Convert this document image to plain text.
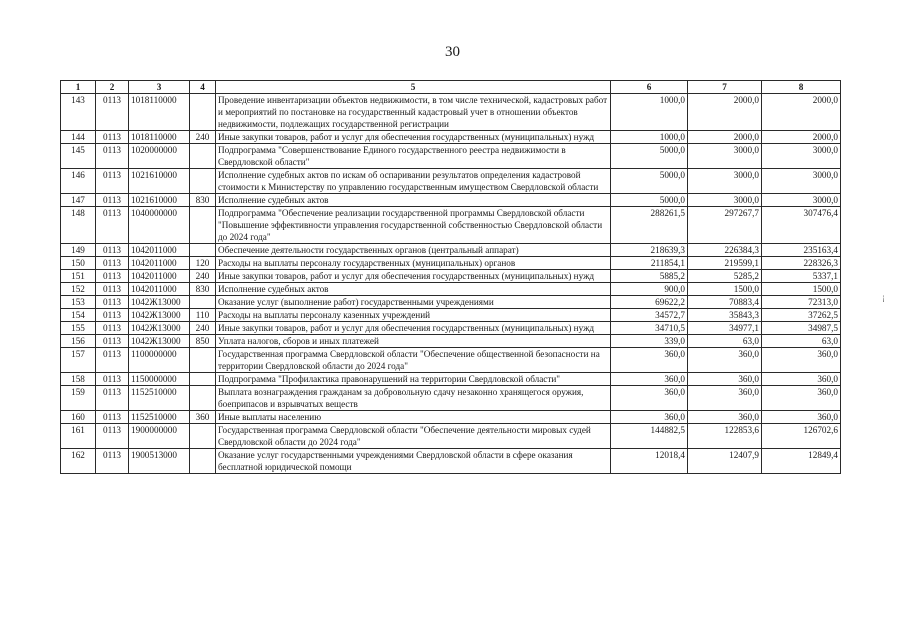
30
1	2	3	4	5	6	7	8
143	0113	1018110000		Проведение инвентаризации объектов недвижимости, в том числе технической, кадастровых работ и мероприятий по постановке на государственный кадастровый учет в отношении объектов недвижимости, подлежащих государственной регистрации	1000,0	2000,0	2000,0
144	0113	1018110000	240	Иные закупки товаров, работ и услуг для обеспечения государственных (муниципальных) нужд	1000,0	2000,0	2000,0
145	0113	1020000000		Подпрограмма "Совершенствование Единого государственного реестра недвижимости в Свердловской области"	5000,0	3000,0	3000,0
146	0113	1021610000		Исполнение судебных актов по искам об оспаривании результатов определения кадастровой стоимости к Министерству по управлению государственным имуществом Свердловской области	5000,0	3000,0	3000,0
147	0113	1021610000	830	Исполнение судебных актов	5000,0	3000,0	3000,0
148	0113	1040000000		Подпрограмма "Обеспечение реализации государственной программы Свердловской области "Повышение эффективности управления государственной собственностью Свердловской области до 2024 года"	288261,5	297267,7	307476,4
149	0113	1042011000		Обеспечение деятельности государственных органов (центральный аппарат)	218639,3	226384,3	235163,4
150	0113	1042011000	120	Расходы на выплаты персоналу государственных (муниципальных) органов	211854,1	219599,1	228326,3
151	0113	1042011000	240	Иные закупки товаров, работ и услуг для обеспечения государственных (муниципальных) нужд	5885,2	5285,2	5337,1
152	0113	1042011000	830	Исполнение судебных актов	900,0	1500,0	1500,0
153	0113	1042Ж13000		Оказание услуг (выполнение работ) государственными учреждениями	69622,2	70883,4	72313,0
154	0113	1042Ж13000	110	Расходы на выплаты персоналу казенных учреждений	34572,7	35843,3	37262,5
155	0113	1042Ж13000	240	Иные закупки товаров, работ и услуг для обеспечения государственных (муниципальных) нужд	34710,5	34977,1	34987,5
156	0113	1042Ж13000	850	Уплата налогов, сборов и иных платежей	339,0	63,0	63,0
157	0113	1100000000		Государственная программа Свердловской области "Обеспечение общественной безопасности на территории Свердловской области до 2024 года"	360,0	360,0	360,0
158	0113	1150000000		Подпрограмма "Профилактика правонарушений на территории Свердловской области"	360,0	360,0	360,0
159	0113	1152510000		Выплата вознаграждения гражданам за добровольную сдачу незаконно хранящегося оружия, боеприпасов и взрывчатых веществ	360,0	360,0	360,0
160	0113	1152510000	360	Иные выплаты населению	360,0	360,0	360,0
161	0113	1900000000		Государственная программа Свердловской области "Обеспечение деятельности мировых судей Свердловской области до 2024 года"	144882,5	122853,6	126702,6
162	0113	1900513000		Оказание услуг государственными учреждениями Свердловской области в сфере оказания бесплатной юридической помощи	12018,4	12407,9	12849,4
¡
